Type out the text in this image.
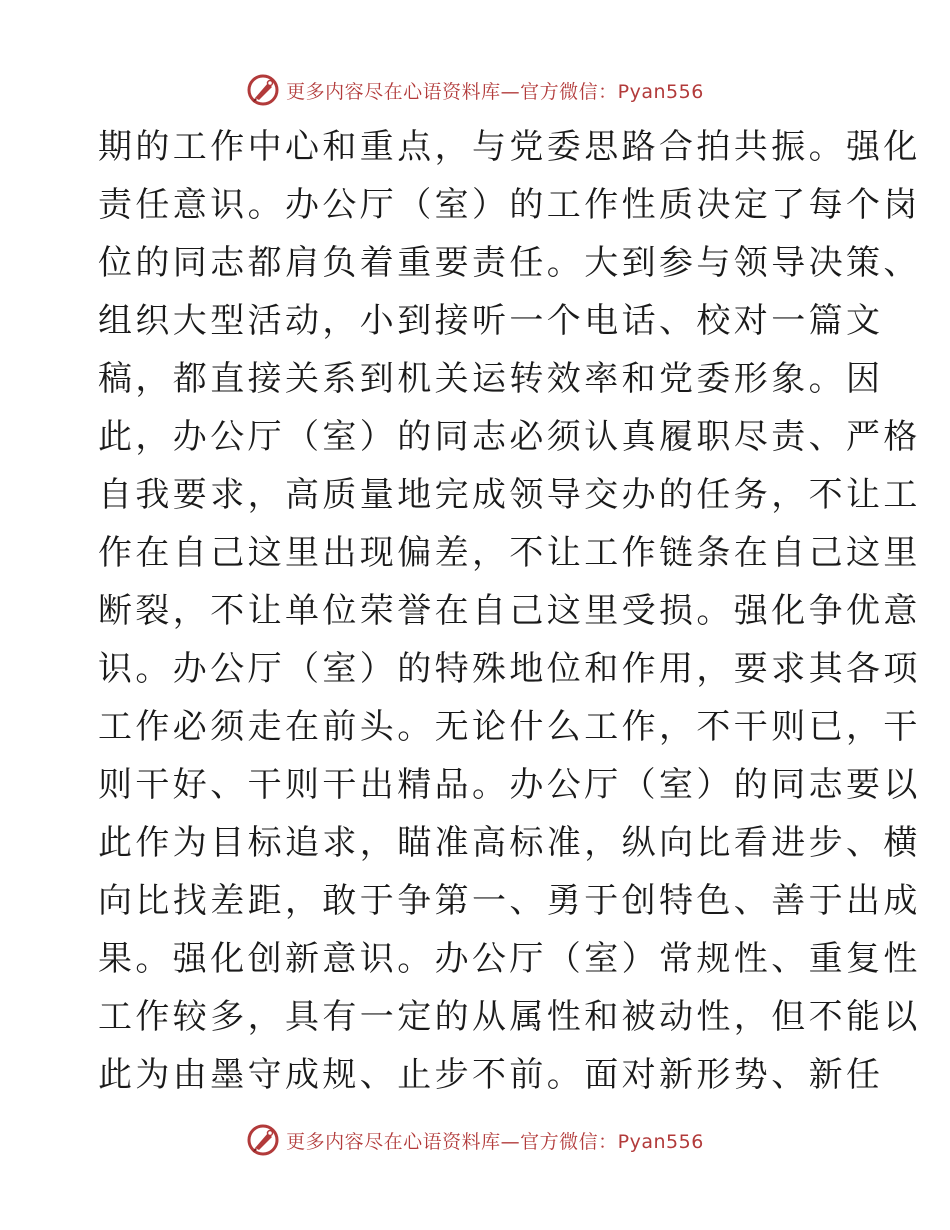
更多内容尽在心语资料库—官方微信：Pyan556
期的工作中心和重点，与党委思路合拍共振。强化
责任意识。办公厅（室）的工作性质决定了每个岗
位的同志都肩负着重要责任。大到参与领导决策、
组织大型活动，小到接听一个电话、校对一篇文
稿，都直接关系到机关运转效率和党委形象。因
此，办公厅（室）的同志必须认真履职尽责、严格
自我要求，高质量地完成领导交办的任务，不让工
作在自己这里出现偏差，不让工作链条在自己这里
断裂，不让单位荣誉在自己这里受损。强化争优意
识。办公厅（室）的特殊地位和作用，要求其各项
工作必须走在前头。无论什么工作，不干则已，干
则干好、干则干出精品。办公厅（室）的同志要以
此作为目标追求，瞄准高标准，纵向比看进步、横
向比找差距，敢于争第一、勇于创特色、善于出成
果。强化创新意识。办公厅（室）常规性、重复性
工作较多，具有一定的从属性和被动性，但不能以
此为由墨守成规、止步不前。面对新形势、新任
更多内容尽在心语资料库—官方微信：Pyan556
